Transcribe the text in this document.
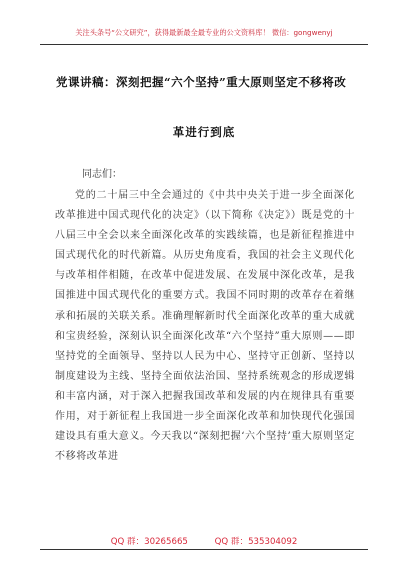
关注头条号“公文研究”，获得最新最全最专业的公文资料库！ 微信：gongwenyj
党课讲稿：深刻把握“六个坚持”重大原则坚定不移将改
革进行到底
同志们：
党的二十届三中全会通过的《中共中央关于进一步全面深化改革推进中国式现代化的决定》（以下简称《决定》）既是党的十八届三中全会以来全面深化改革的实践续篇，也是新征程推进中国式现代化的时代新篇。从历史角度看，我国的社会主义现代化与改革相伴相随，在改革中促进发展、在发展中深化改革，是我国推进中国式现代化的重要方式。我国不同时期的改革存在着继承和拓展的关联关系。准确理解新时代全面深化改革的重大成就和宝贵经验，深刻认识全面深化改革“六个坚持”重大原则——即坚持党的全面领导、坚持以人民为中心、坚持守正创新、坚持以制度建设为主线、坚持全面依法治国、坚持系统观念的形成逻辑和丰富内涵，对于深入把握我国改革和发展的内在规律具有重要作用，对于新征程上我国进一步全面深化改革和加快现代化强国建设具有重大意义。今天我以“深刻把握‘六个坚持’重大原则坚定不移将改革进
QQ 群：30265665	QQ 群：535304092
